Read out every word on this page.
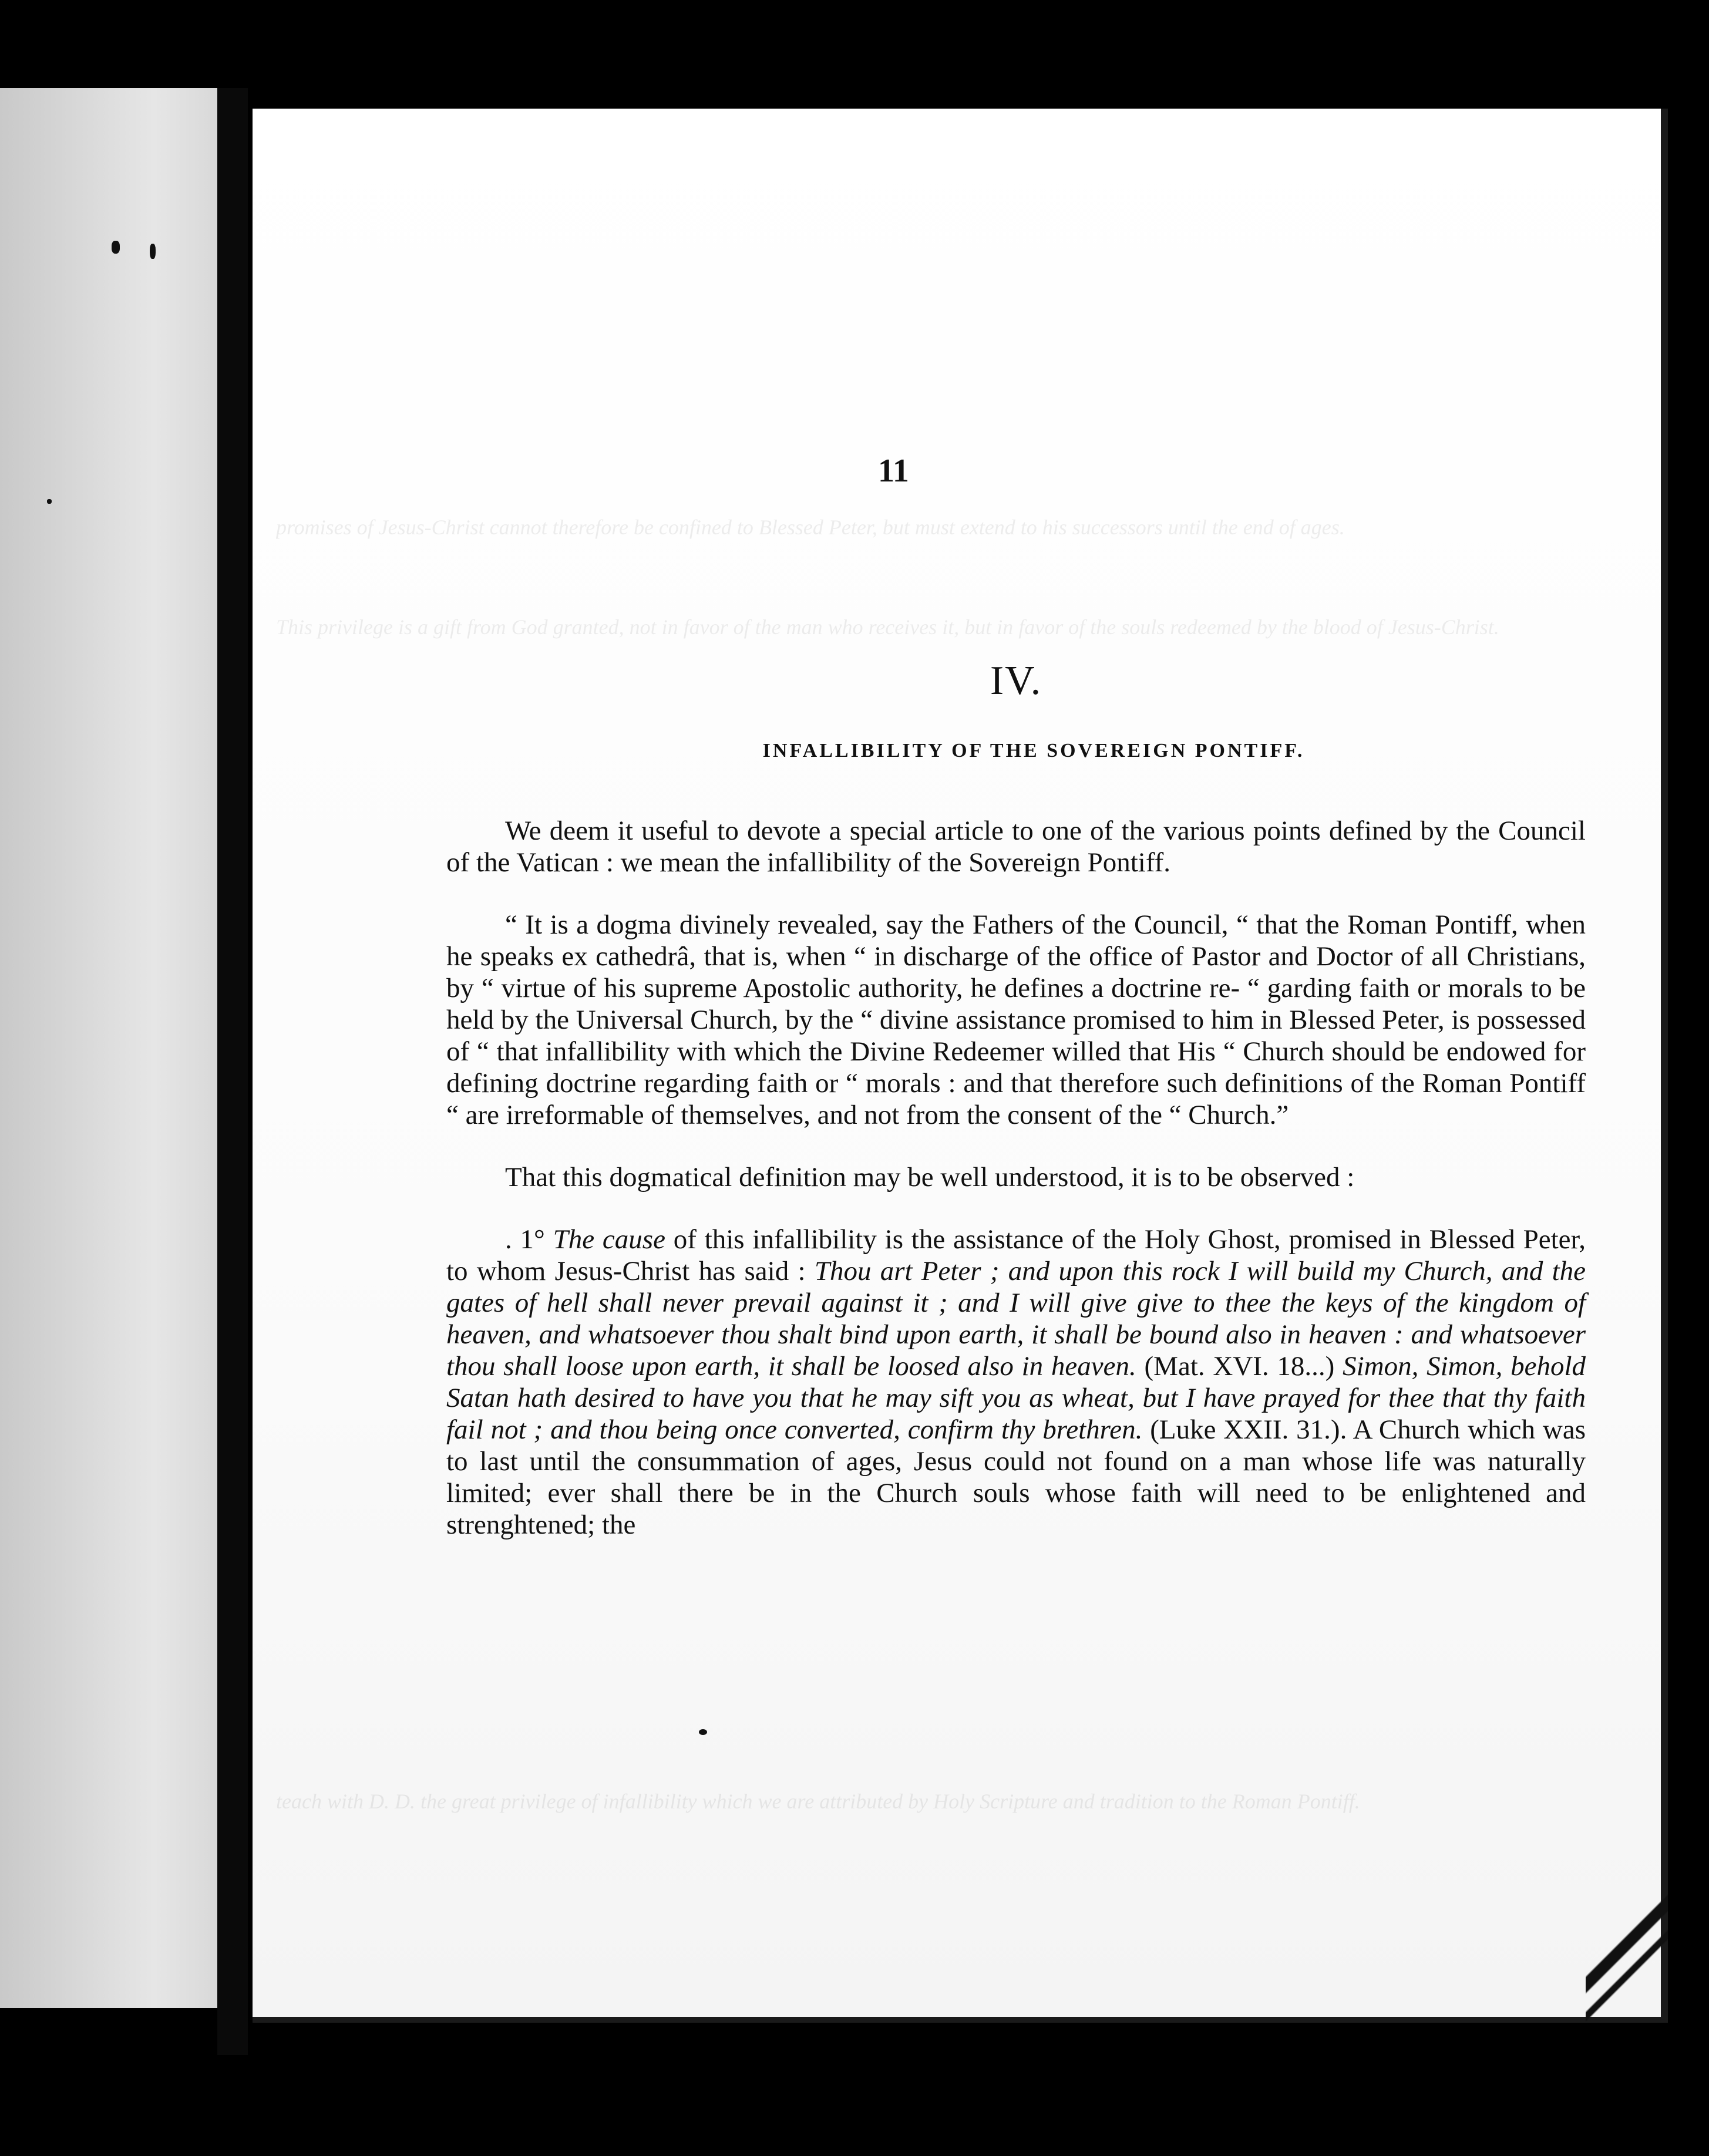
promises of Jesus-Christ cannot therefore be confined to Blessed Peter, but must extend to his successors until the end of ages.
This privilege is a gift from God granted, not in favor of the man who receives it, but in favor of the souls redeemed by the blood of Jesus-Christ.
teach with D. D. the great privilege of infallibility which we are attributed by Holy Scripture and tradition to the Roman Pontiff.
11
IV.
INFALLIBILITY OF THE SOVEREIGN PONTIFF.

We deem it useful to devote a special article to one of the various points defined by the Council of the Vatican : we mean the infallibility of the Sovereign Pontiff.

“ It is a dogma divinely revealed, say the Fathers of the Council, “ that the Roman Pontiff, when he speaks ex cathedrâ, that is, when “ in discharge of the office of Pastor and Doctor of all Christians, by “ virtue of his supreme Apostolic authority, he defines a doctrine re- “ garding faith or morals to be held by the Universal Church, by the “ divine assistance promised to him in Blessed Peter, is possessed of “ that infallibility with which the Divine Redeemer willed that His “ Church should be endowed for defining doctrine regarding faith or “ morals : and that therefore such definitions of the Roman Pontiff “ are irreformable of themselves, and not from the consent of the “ Church.”

That this dogmatical definition may be well understood, it is to be observed :

. 1° The cause of this infallibility is the assistance of the Holy Ghost, promised in Blessed Peter, to whom Jesus-Christ has said : Thou art Peter ; and upon this rock I will build my Church, and the gates of hell shall never prevail against it ; and I will give give to thee the keys of the kingdom of heaven, and whatsoever thou shalt bind upon earth, it shall be bound also in heaven : and whatsoever thou shall loose upon earth, it shall be loosed also in heaven. (Mat. XVI. 18...) Simon, Simon, behold Satan hath desired to have you that he may sift you as wheat, but I have prayed for thee that thy faith fail not ; and thou being once converted, confirm thy brethren. (Luke XXII. 31.). A Church which was to last until the consummation of ages, Jesus could not found on a man whose life was naturally limited; ever shall there be in the Church souls whose faith will need to be enlightened and strenghtened; the
